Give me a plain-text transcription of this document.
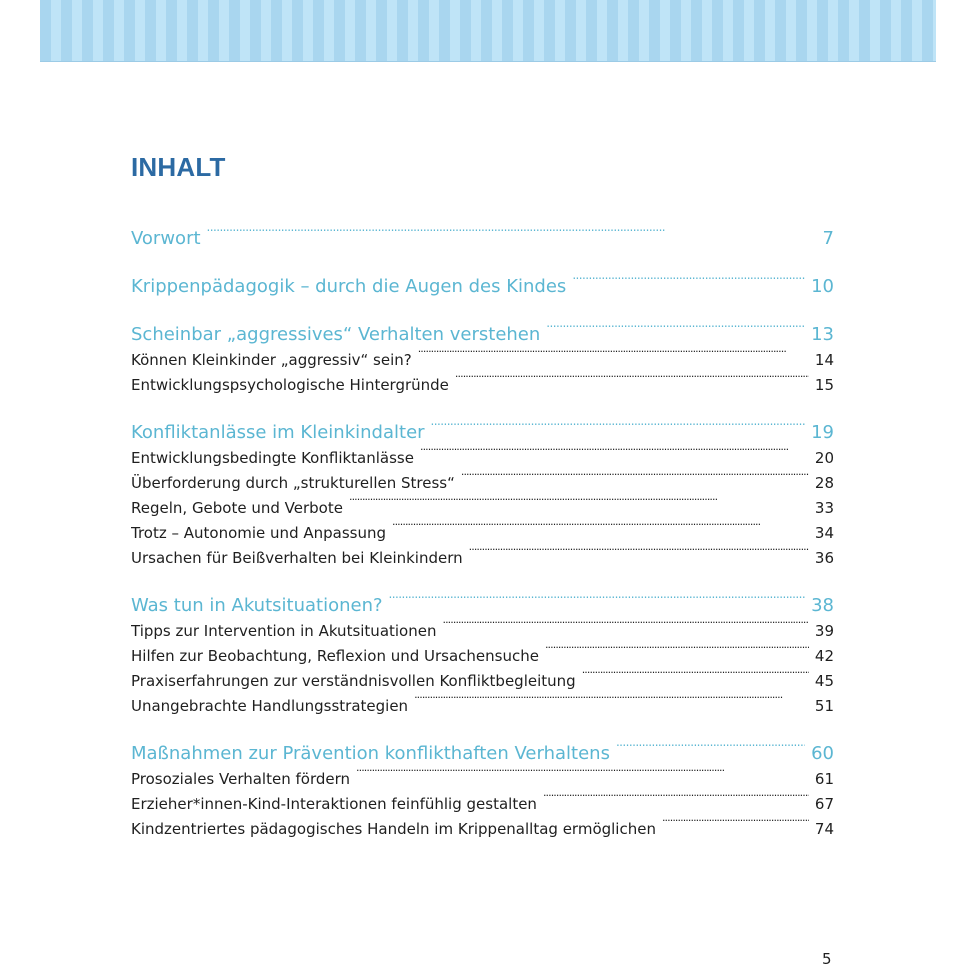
INHALT
Vorwort . . .	7
Krippenpädagogik – durch die Augen des Kindes . . .	10
Scheinbar „aggressives“ Verhalten verstehen . . .	13
Können Kleinkinder „aggressiv“ sein? . . .	14
Entwicklungspsychologische Hintergründe . . .	15
Konfliktanlässe im Kleinkindalter . . .	19
Entwicklungsbedingte Konfliktanlässe . . .	20
Überforderung durch „strukturellen Stress“ . . .	28
Regeln, Gebote und Verbote . . .	33
Trotz – Autonomie und Anpassung . . .	34
Ursachen für Beißverhalten bei Kleinkindern . . .	36
Was tun in Akutsituationen? . . .	38
Tipps zur Intervention in Akutsituationen . . .	39
Hilfen zur Beobachtung, Reflexion und Ursachensuche . . .	42
Praxiserfahrungen zur verständnisvollen Konfliktbegleitung . . .	45
Unangebrachte Handlungsstrategien . . .	51
Maßnahmen zur Prävention konflikthaften Verhaltens . . .	60
Prosoziales Verhalten fördern . . .	61
Erzieher*innen-Kind-Interaktionen feinfühlig gestalten . . .	67
Kindzentriertes pädagogisches Handeln im Krippenalltag ermöglichen . . .	74
5
